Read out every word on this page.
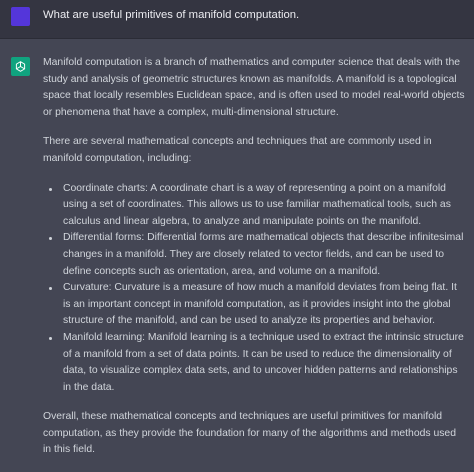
What are useful primitives of manifold computation.

Manifold computation is a branch of mathematics and computer science that deals with the study and analysis of geometric structures known as manifolds. A manifold is a topological space that locally resembles Euclidean space, and is often used to model real-world objects or phenomena that have a complex, multi-dimensional structure.

There are several mathematical concepts and techniques that are commonly used in manifold computation, including:

Coordinate charts: A coordinate chart is a way of representing a point on a manifold using a set of coordinates. This allows us to use familiar mathematical tools, such as calculus and linear algebra, to analyze and manipulate points on the manifold.
Differential forms: Differential forms are mathematical objects that describe infinitesimal changes in a manifold. They are closely related to vector fields, and can be used to define concepts such as orientation, area, and volume on a manifold.
Curvature: Curvature is a measure of how much a manifold deviates from being flat. It is an important concept in manifold computation, as it provides insight into the global structure of the manifold, and can be used to analyze its properties and behavior.
Manifold learning: Manifold learning is a technique used to extract the intrinsic structure of a manifold from a set of data points. It can be used to reduce the dimensionality of data, to visualize complex data sets, and to uncover hidden patterns and relationships in the data.

Overall, these mathematical concepts and techniques are useful primitives for manifold computation, as they provide the foundation for many of the algorithms and methods used in this field.
